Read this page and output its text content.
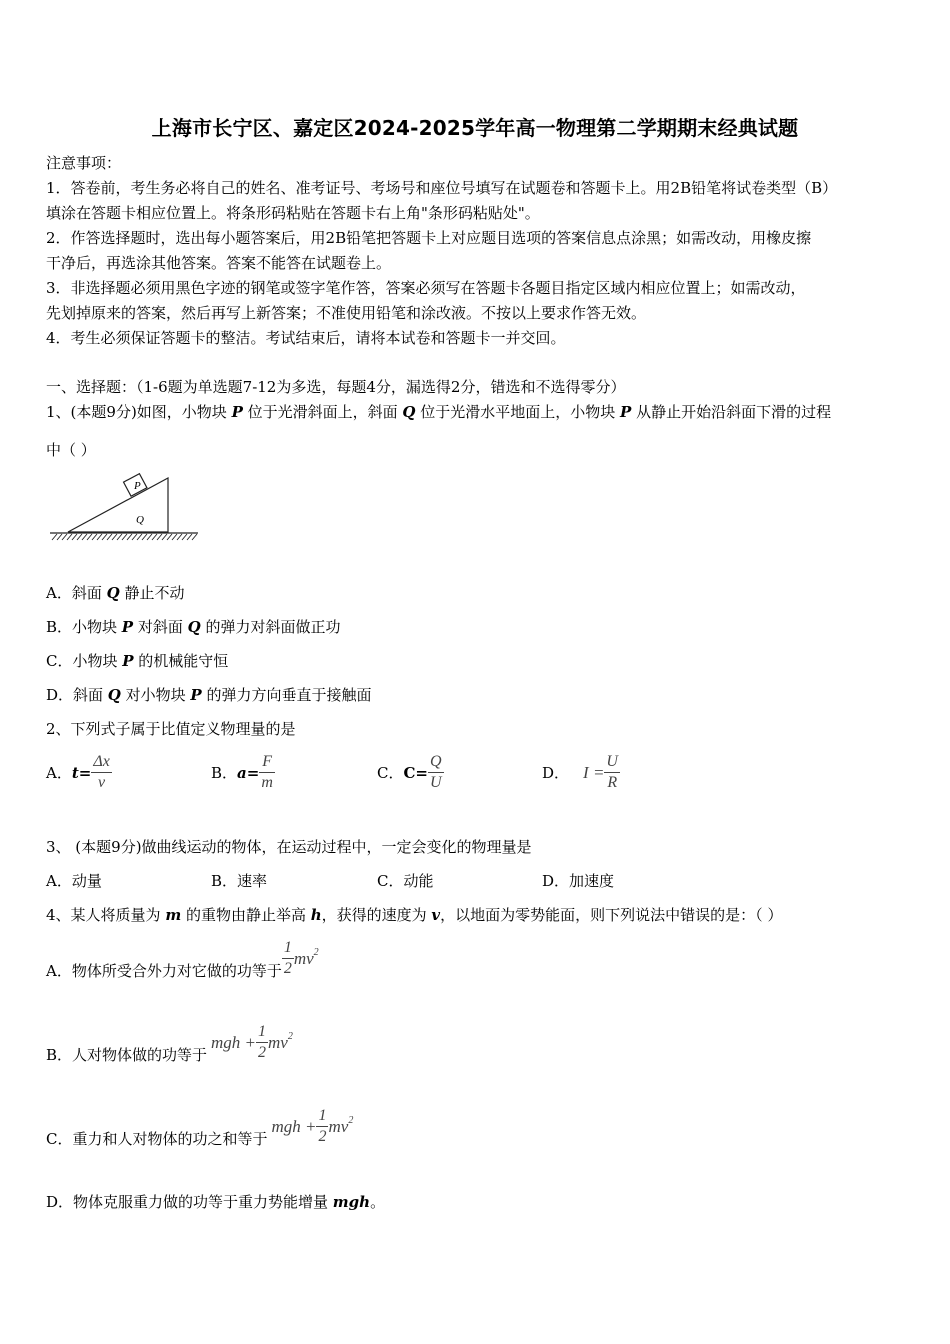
上海市长宁区、嘉定区2024-2025学年高一物理第二学期期末经典试题
注意事项：
1．答卷前，考生务必将自己的姓名、准考证号、考场号和座位号填写在试题卷和答题卡上。用2B铅笔将试卷类型（B）
填涂在答题卡相应位置上。将条形码粘贴在答题卡右上角"条形码粘贴处"。
2．作答选择题时，选出每小题答案后，用2B铅笔把答题卡上对应题目选项的答案信息点涂黑；如需改动，用橡皮擦
干净后，再选涂其他答案。答案不能答在试题卷上。
3．非选择题必须用黑色字迹的钢笔或签字笔作答，答案必须写在答题卡各题目指定区域内相应位置上；如需改动，
先划掉原来的答案，然后再写上新答案；不准使用铅笔和涂改液。不按以上要求作答无效。
4．考生必须保证答题卡的整洁。考试结束后，请将本试卷和答题卡一并交回。
一、选择题：（1-6题为单选题7-12为多选，每题4分，漏选得2分，错选和不选得零分）
1、(本题9分)如图，小物块 P 位于光滑斜面上，斜面 Q 位于光滑水平地面上，小物块 P 从静止开始沿斜面下滑的过程
中（ ）
P
Q
A．斜面 Q 静止不动
B．小物块 P 对斜面 Q 的弹力对斜面做正功
C．小物块 P 的机械能守恒
D．斜面 Q 对小物块 P 的弹力方向垂直于接触面
2、下列式子属于比值定义物理量的是
A．$t= \frac{\Delta x}{v}$	B．$a= \frac{F}{m}$	C．$C= \frac{Q}{U}$	D． $I = \frac{U}{R}$
3、 (本题9分)做曲线运动的物体，在运动过程中，一定会变化的物理量是
A．动量	B．速率	C．动能	D．加速度
4、某人将质量为 m 的重物由静止举高 h，获得的速度为 v，以地面为零势能面，则下列说法中错误的是：（ ）
A．物体所受合外力对它做的功等于 $\frac{1}{2} mv^2$
B．人对物体做的功等于mgh + $\frac{1}{2} mv^2$
C．重力和人对物体的功之和等于mgh + $\frac{1}{2} mv^2$
D．物体克服重力做的功等于重力势能增量 mgh。
